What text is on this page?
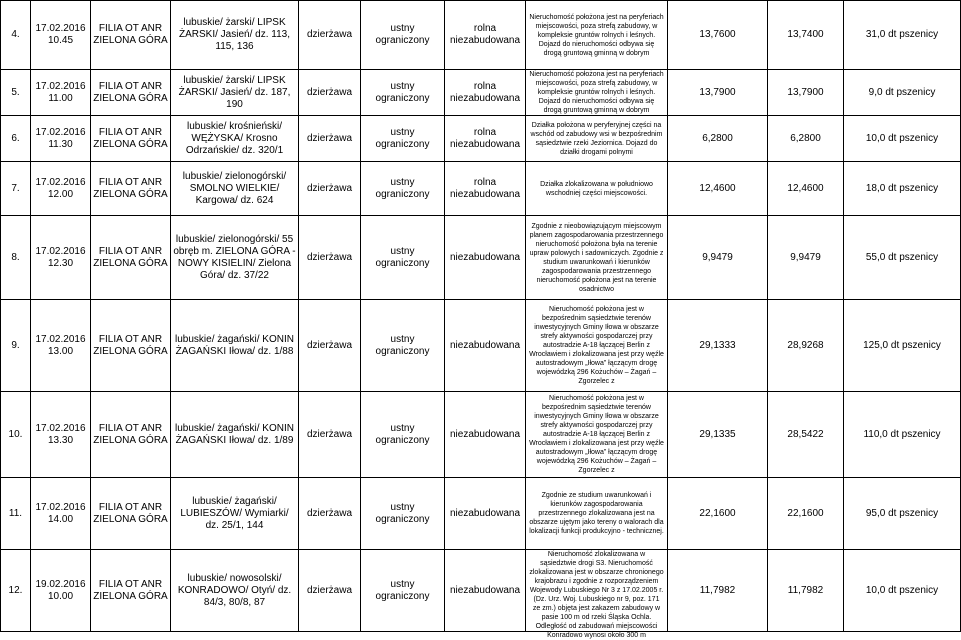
4.	17.02.2016 10.45	FILIA OT ANR ZIELONA GÓRA	lubuskie/ żarski/ LIPSK ŻARSKI/ Jasień/ dz. 113, 115, 136	dzierżawa	ustny ograniczony	rolna niezabudowana	Nieruchomość położona jest na peryferiach miejscowości, poza strefą zabudowy, w kompleksie gruntów rolnych i leśnych. Dojazd do nieruchomości odbywa się drogą gruntową gminną w dobrym	13,7600	13,7400	31,0 dt pszenicy
5.	17.02.2016 11.00	FILIA OT ANR ZIELONA GÓRA	lubuskie/ żarski/ LIPSK ŻARSKI/ Jasień/ dz. 187, 190	dzierżawa	ustny ograniczony	rolna niezabudowana	Nieruchomość położona jest na peryferiach miejscowości, poza strefą zabudowy, w kompleksie gruntów rolnych i leśnych. Dojazd do nieruchomości odbywa się drogą gruntową gminną w dobrym	13,7900	13,7900	9,0 dt pszenicy
6.	17.02.2016 11.30	FILIA OT ANR ZIELONA GÓRA	lubuskie/ krośnieński/ WĘŻYSKA/ Krosno Odrzańskie/ dz. 320/1	dzierżawa	ustny ograniczony	rolna niezabudowana	Działka położona w peryferyjnej części na wschód od zabudowy wsi w bezpośrednim sąsiedztwie rzeki Jeziornica. Dojazd do działki drogami polnymi	6,2800	6,2800	10,0 dt pszenicy
7.	17.02.2016 12.00	FILIA OT ANR ZIELONA GÓRA	lubuskie/ zielonogórski/ SMOLNO WIELKIE/ Kargowa/ dz. 624	dzierżawa	ustny ograniczony	rolna niezabudowana	Działka zlokalizowana w południowo wschodniej części miejscowości.	12,4600	12,4600	18,0 dt pszenicy
8.	17.02.2016 12.30	FILIA OT ANR ZIELONA GÓRA	lubuskie/ zielonogórski/ 55 obręb m. ZIELONA GÓRA - NOWY KISIELIN/ Zielona Góra/ dz. 37/22	dzierżawa	ustny ograniczony	niezabudowana	Zgodnie z nieobowiązującym miejscowym planem zagospodarowania przestrzennego nieruchomość położona była na terenie upraw polowych i sadowniczych. Zgodnie z studium uwarunkowań i kierunków zagospodarowania przestrzennego nieruchomość położona jest na terenie osadnictwo	9,9479	9,9479	55,0 dt pszenicy
9.	17.02.2016 13.00	FILIA OT ANR ZIELONA GÓRA	lubuskie/ żagański/ KONIN ŻAGAŃSKI Iłowa/ dz. 1/88	dzierżawa	ustny ograniczony	niezabudowana	Nieruchomość położona jest w bezpośrednim sąsiedztwie terenów inwestycyjnych Gminy Iłowa w obszarze strefy aktywności gospodarczej przy autostradzie A-18 łączącej Berlin z Wrocławiem i zlokalizowana jest przy węźle autostradowym „Iłowa” łączącym drogę wojewódzką 296 Kożuchów – Żagań – Zgorzelec z	29,1333	28,9268	125,0 dt pszenicy
10.	17.02.2016 13.30	FILIA OT ANR ZIELONA GÓRA	lubuskie/ żagański/ KONIN ŻAGAŃSKI Iłowa/ dz. 1/89	dzierżawa	ustny ograniczony	niezabudowana	Nieruchomość położona jest w bezpośrednim sąsiedztwie terenów inwestycyjnych Gminy Iłowa w obszarze strefy aktywności gospodarczej przy autostradzie A-18 łączącej Berlin z Wrocławiem i zlokalizowana jest przy węźle autostradowym „Iłowa” łączącym drogę wojewódzką 296 Kożuchów – Żagań – Zgorzelec z	29,1335	28,5422	110,0 dt pszenicy
11.	17.02.2016 14.00	FILIA OT ANR ZIELONA GÓRA	lubuskie/ żagański/ LUBIESZÓW/ Wymiarki/ dz. 25/1, 144	dzierżawa	ustny ograniczony	niezabudowana	Zgodnie ze studium uwarunkowań i kierunków zagospodarowania przestrzennego zlokalizowana jest na obszarze ujętym jako tereny o walorach dla lokalizacji funkcji produkcyjno - technicznej.	22,1600	22,1600	95,0 dt pszenicy
12.	19.02.2016 10.00	FILIA OT ANR ZIELONA GÓRA	lubuskie/ nowosolski/ KONRADOWO/ Otyń/ dz. 84/3, 80/8, 87	dzierżawa	ustny ograniczony	niezabudowana	Nieruchomość zlokalizowana w sąsiedztwie drogi S3. Nieruchomość zlokalizowana jest w obszarze chronionego krajobrazu i zgodnie z rozporządzeniem Wojewody Lubuskiego Nr 3 z 17.02.2005 r. (Dz. Urz. Woj. Lubuskiego nr 9, poz. 171 ze zm.) objęta jest zakazem zabudowy w pasie 100 m od rzeki Śląska Ochla. Odległość od zabudowań miejscowości Konradowo wynosi około 300 m	11,7982	11,7982	10,0 dt pszenicy
